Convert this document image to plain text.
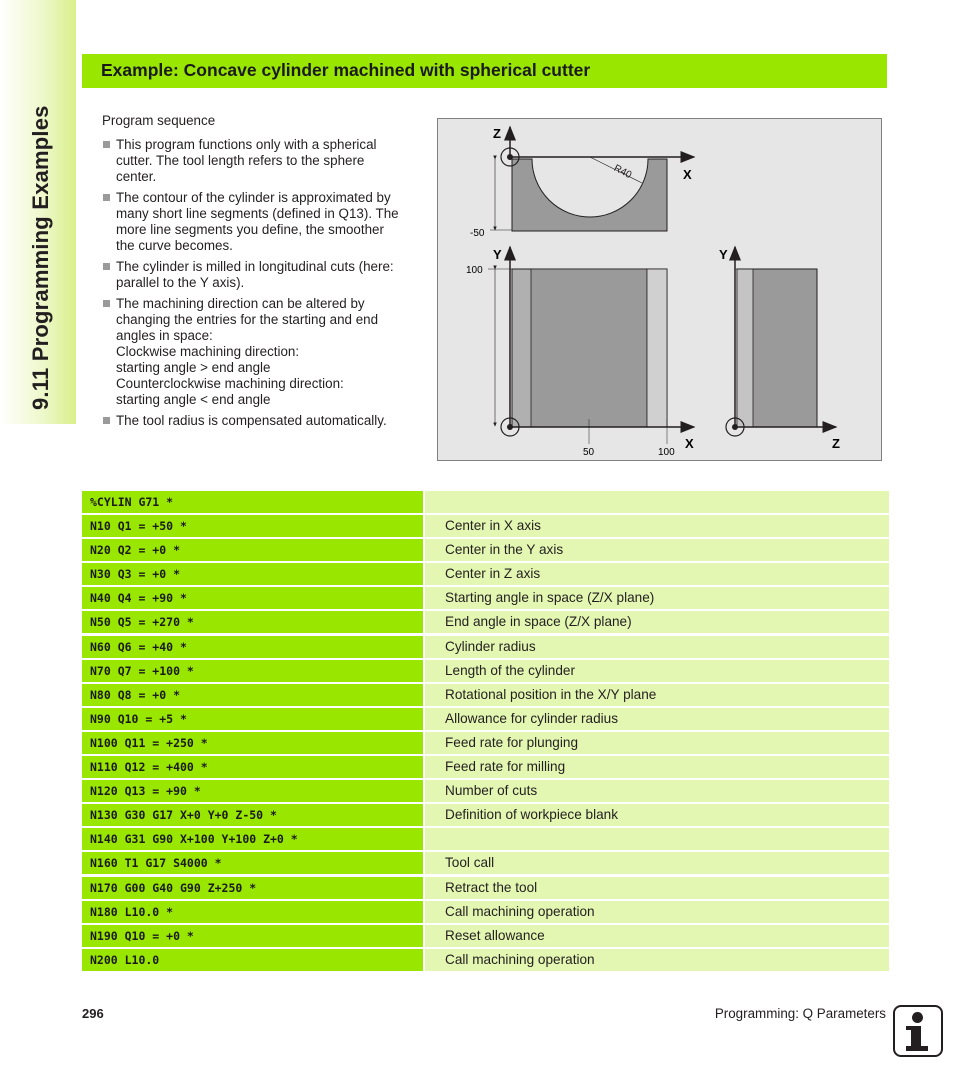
9.11 Programming Examples
Example: Concave cylinder machined with spherical cutter
Program sequence
This program functions only with a spherical
cutter. The tool length refers to the sphere
center.
The contour of the cylinder is approximated by
many short line segments (defined in Q13). The
more line segments you define, the smoother
the curve becomes.
The cylinder is milled in longitudinal cuts (here:
parallel to the Y axis).
The machining direction can be altered by
changing the entries for the starting and end
angles in space:
Clockwise machining direction:
starting angle > end angle
Counterclockwise machining direction:
starting angle < end angle
The tool radius is compensated automatically.
Z
X
R40
-50
Y
X
100
50	100
Y
Z
%CYLIN G71 *
N10 Q1 = +50 *	Center in X axis
N20 Q2 = +0 *	Center in the Y axis
N30 Q3 = +0 *	Center in Z axis
N40 Q4 = +90 *	Starting angle in space (Z/X plane)
N50 Q5 = +270 *	End angle in space (Z/X plane)
N60 Q6 = +40 *	Cylinder radius
N70 Q7 = +100 *	Length of the cylinder
N80 Q8 = +0 *	Rotational position in the X/Y plane
N90 Q10 = +5 *	Allowance for cylinder radius
N100 Q11 = +250 *	Feed rate for plunging
N110 Q12 = +400 *	Feed rate for milling
N120 Q13 = +90 *	Number of cuts
N130 G30 G17 X+0 Y+0 Z-50 *	Definition of workpiece blank
N140 G31 G90 X+100 Y+100 Z+0 *
N160 T1 G17 S4000 *	Tool call
N170 G00 G40 G90 Z+250 *	Retract the tool
N180 L10.0 *	Call machining operation
N190 Q10 = +0 *	Reset allowance
N200 L10.0	Call machining operation
296	Programming: Q Parameters
